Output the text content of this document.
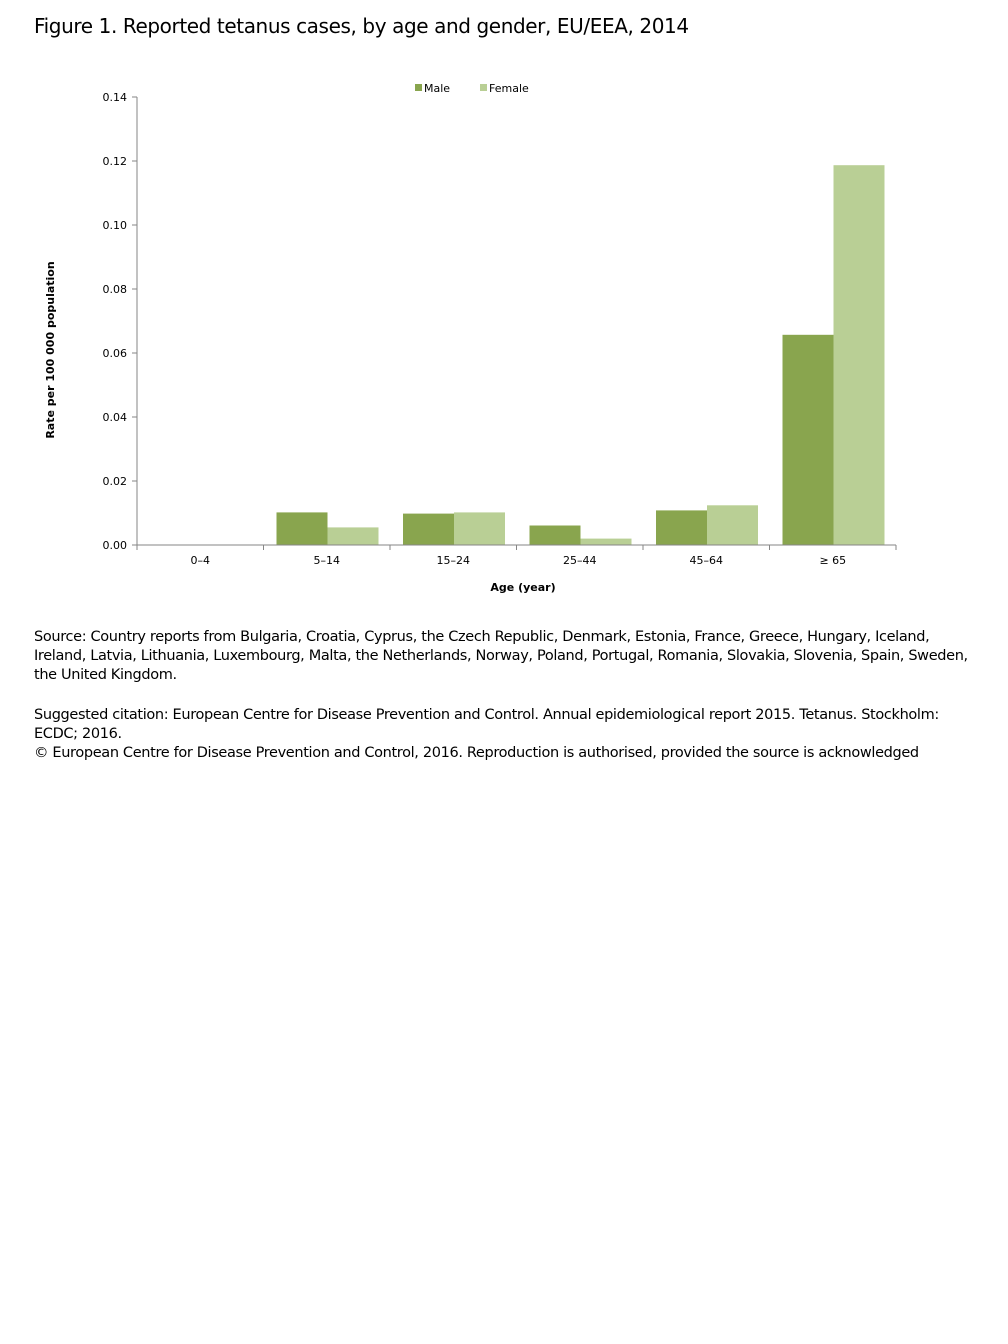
Figure 1. Reported tetanus cases, by age and gender, EU/EEA, 2014
Male	Female
0.00
0.02
0.04
0.06
0.08
0.10
0.12
0.14
0–4	5–14	15–24	25–44	45–64	≥ 65
Rate per 100 000 population
Age (year)
Source: Country reports from Bulgaria, Croatia, Cyprus, the Czech Republic, Denmark, Estonia, France, Greece, Hungary, Iceland, Ireland, Latvia, Lithuania, Luxembourg, Malta, the Netherlands, Norway, Poland, Portugal, Romania, Slovakia, Slovenia, Spain, Sweden, the United Kingdom.
Suggested citation: European Centre for Disease Prevention and Control. Annual epidemiological report 2015. Tetanus. Stockholm: ECDC; 2016.
© European Centre for Disease Prevention and Control, 2016. Reproduction is authorised, provided the source is acknowledged
